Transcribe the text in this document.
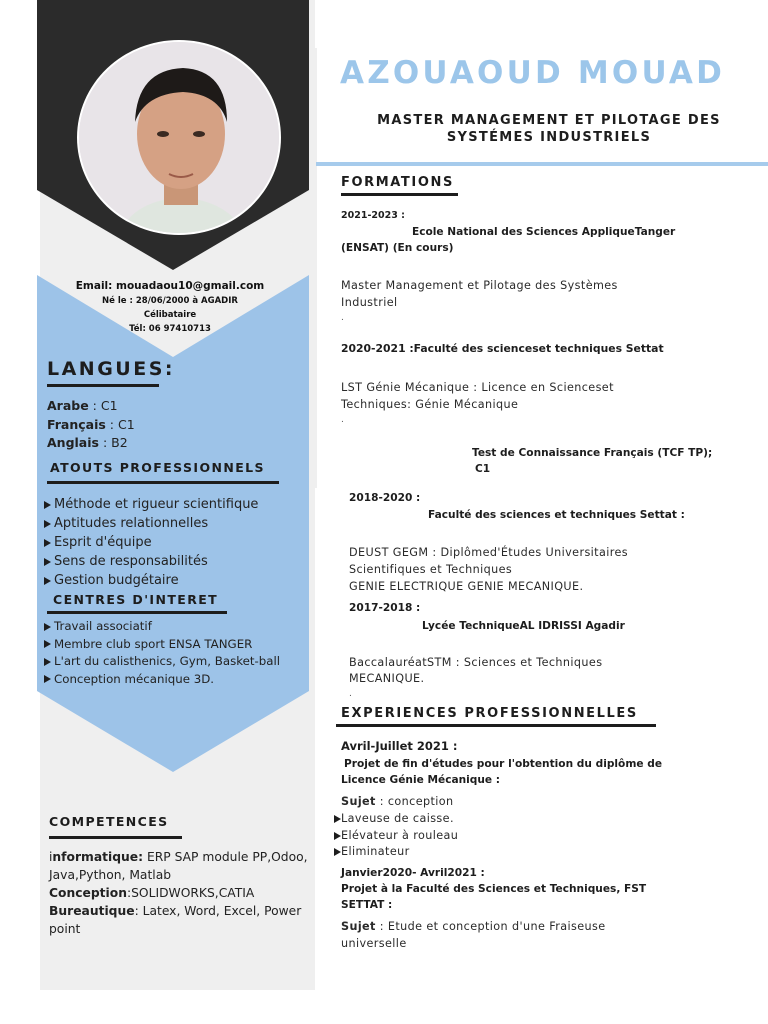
Email: mouadaou10@gmail.com
Né le : 28/06/2000 à AGADIR
Célibataire
Tél: 06 97410713
LANGUES:
Arabe : C1
Français : C1
Anglais : B2
ATOUTS PROFESSIONNELS
Méthode et rigueur scientifique
Aptitudes relationnelles
Esprit d'équipe
Sens de responsabilités
Gestion budgétaire
CENTRES D'INTERET
Travail associatif
Membre club sport ENSA TANGER
L'art du calisthenics, Gym, Basket-ball
Conception mécanique 3D.
COMPETENCES
informatique: ERP SAP module PP,Odoo, Java,Python, Matlab
Conception:SOLIDWORKS,CATIA
Bureautique: Latex, Word, Excel, Power point
AZOUAOUD MOUAD
MASTER MANAGEMENT ET PILOTAGE DES
SYSTÉMES INDUSTRIELS
FORMATIONS
2021-2023 :
Ecole National des Sciences AppliqueTanger
(ENSAT) (En cours)
Master Management et Pilotage des Systèmes
Industriel
.
2020-2021 :Faculté des scienceset techniques Settat
LST Génie Mécanique : Licence en Scienceset
Techniques: Génie Mécanique
.
Test de Connaissance Français (TCF TP);
C1
2018-2020 :
Faculté des sciences et techniques Settat :
DEUST GEGM : Diplômed'Études Universitaires
Scientifiques et Techniques
GENIE ELECTRIQUE GENIE MECANIQUE.
2017-2018 :
Lycée TechniqueAL IDRISSI Agadir
BaccalauréatSTM : Sciences et Techniques
MECANIQUE.
.
EXPERIENCES PROFESSIONNELLES
Avril-Juillet 2021 :
Projet de fin d'études pour l'obtention du diplôme de
Licence Génie Mécanique :
Sujet : conception
Laveuse de caisse.
Elévateur à rouleau
Eliminateur
Janvier2020- Avril2021 :
Projet à la Faculté des Sciences et Techniques, FST
SETTAT :
Sujet : Etude et conception d'une Fraiseuse
universelle
